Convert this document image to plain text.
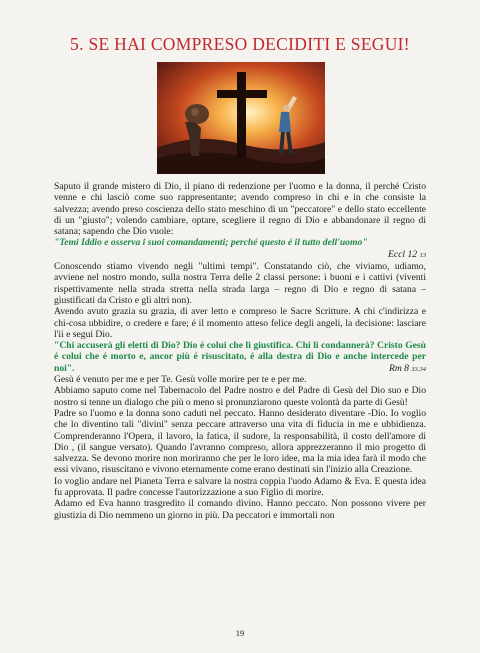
5. SE HAI COMPRESO DECIDITI E SEGUI!

Saputo il grande mistero di Dio, il piano di redenzione per l'uomo e la donna, il perché Cristo venne e chi lasciò come suo rappresentante; avendo compreso in chi e in che consiste la salvezza; avendo preso coscienza dello stato meschino di un "peccatore" e dello stato eccellente di un "giusto"; volendo cambiare, optare, scegliere il regno di Dio e abbandonare il regno di satana; sapendo che Dio vuole:

"Temi Iddio e osserva i suoi comandamenti; perché questo é il tutto dell'uomo"

Eccl 12 13

Conoscendo stiamo vivendo negli "ultimi tempi". Constatando ciò, che viviamo, udiamo, avviene nel nostro mondo, sulla nostra Terra delle 2 classi persone: i buoni e i cattivi (viventi rispettivamente nella strada stretta nella strada larga – regno di Dio e regno di satana – giustificati da Cristo e gli altri non).

Avendo avuto grazia su grazia, di aver letto e compreso le Sacre Scritture. A chi c'indirizza e chi-cosa ubbidire, o credere e fare; é il momento atteso felice degli angeli, la decisione: lasciare l'ii e segui Dio.

"Chi accuserà gli eletti di Dio? Dio é colui che li giustifica. Chi li condannerà? Cristo Gesù é colui che é morto e, ancor più é risuscitato, é alla destra di Dio e anche intercede per noi".	Rm 8 33.34

Gesù é venuto per me e per Te. Gesù volle morire per te e per me.

Abbiamo saputo come nel Tabernacolo del Padre nostro e del Padre di Gesù del Dio suo e Dio nostro si tenne un dialogo che più o meno si pronunziarono queste volontà da parte di Gesù!

Padre so l'uomo e la donna sono caduti nel peccato. Hanno desiderato diventare -Dio. Io voglio che lo diventino tali "divini" senza peccare attraverso una vita di fiducia in me e ubbidienza. Comprenderanno l'Opera, il lavoro, la fatica, il sudore, la responsabilità, il costo dell'amore di Dio , (il sangue versato). Quando l'avranno compreso, allora apprezzeranno il mio progetto di salvezza. Se devono morire non moriranno che per le loro idee, ma la mia idea farà il modo che essi vivano, risuscitano e vivono eternamente come erano destinati sin l'inizio alla Creazione.

Io voglio andare nel Pianeta Terra e salvare la nostra coppia l'uodo Adamo & Eva. E questa idea fu approvata. Il padre concesse l'autorizzazione a suo Figlio di morire.

Adamo ed Eva hanno trasgredito il comando divino. Hanno peccato. Non possono vivere per giustizia di Dio nemmeno un giorno in più. Da peccatori e immortali non

19
